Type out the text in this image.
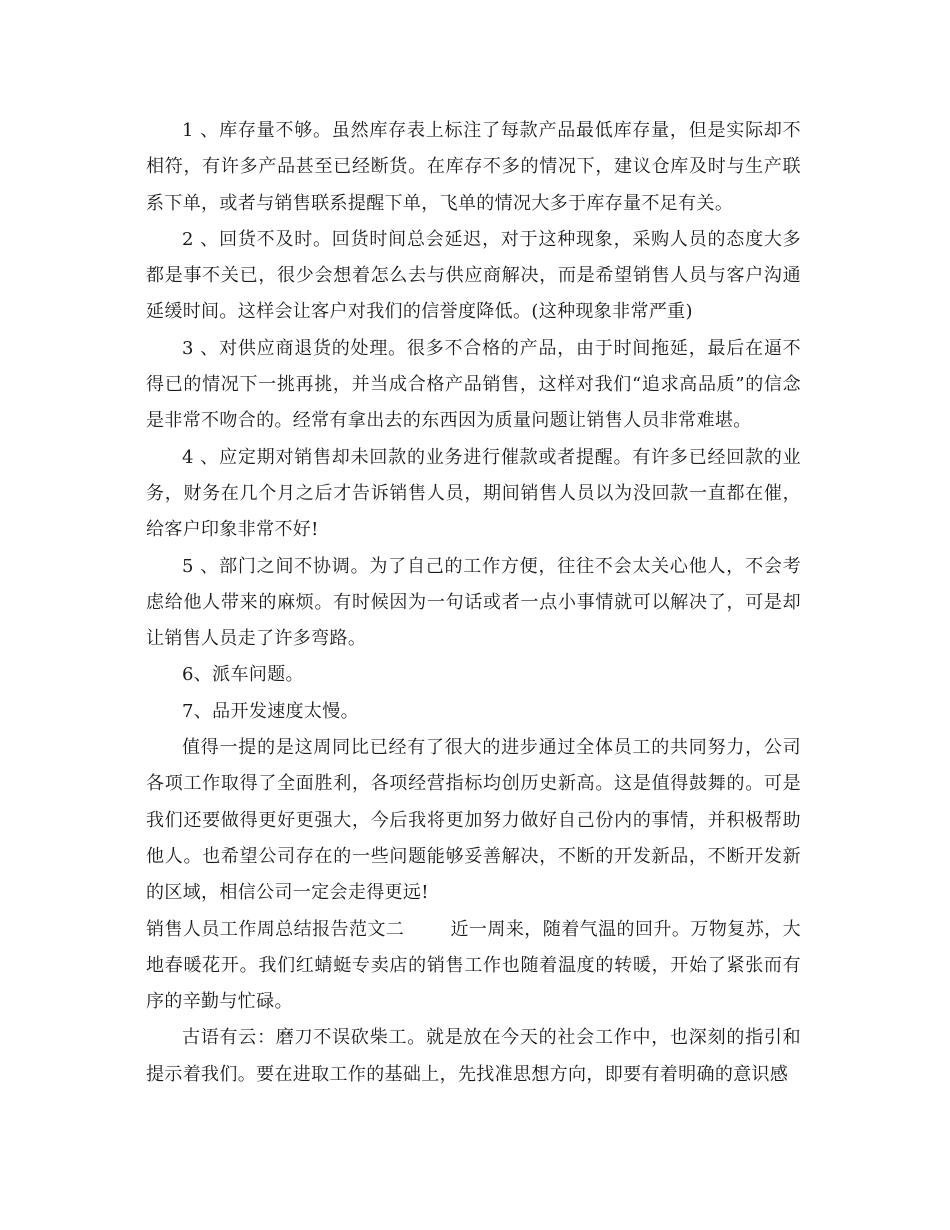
1 、库存量不够。虽然库存表上标注了每款产品最低库存量，但是实际却不相符，有许多产品甚至已经断货。在库存不多的情况下，建议仓库及时与生产联系下单，或者与销售联系提醒下单，飞单的情况大多于库存量不足有关。

2 、回货不及时。回货时间总会延迟，对于这种现象，采购人员的态度大多都是事不关已，很少会想着怎么去与供应商解决，而是希望销售人员与客户沟通延缓时间。这样会让客户对我们的信誉度降低。(这种现象非常严重)

3 、对供应商退货的处理。很多不合格的产品，由于时间拖延，最后在逼不得已的情况下一挑再挑，并当成合格产品销售，这样对我们“追求高品质”的信念是非常不吻合的。经常有拿出去的东西因为质量问题让销售人员非常难堪。

4 、应定期对销售却未回款的业务进行催款或者提醒。有许多已经回款的业务，财务在几个月之后才告诉销售人员，期间销售人员以为没回款一直都在催，给客户印象非常不好!

5 、部门之间不协调。为了自己的工作方便，往往不会太关心他人，不会考虑给他人带来的麻烦。有时候因为一句话或者一点小事情就可以解决了，可是却让销售人员走了许多弯路。

6、派车问题。

7、品开发速度太慢。

值得一提的是这周同比已经有了很大的进步通过全体员工的共同努力，公司各项工作取得了全面胜利，各项经营指标均创历史新高。这是值得鼓舞的。可是我们还要做得更好更强大，今后我将更加努力做好自己份内的事情，并积极帮助他人。也希望公司存在的一些问题能够妥善解决，不断的开发新品，不断开发新的区域，相信公司一定会走得更远!

销售人员工作周总结报告范文二	近一周来，随着气温的回升。万物复苏，大地春暖花开。我们红蜻蜓专卖店的销售工作也随着温度的转暖，开始了紧张而有序的辛勤与忙碌。

古语有云：磨刀不误砍柴工。就是放在今天的社会工作中，也深刻的指引和提示着我们。要在进取工作的基础上，先找准思想方向，即要有着明确的意识感
